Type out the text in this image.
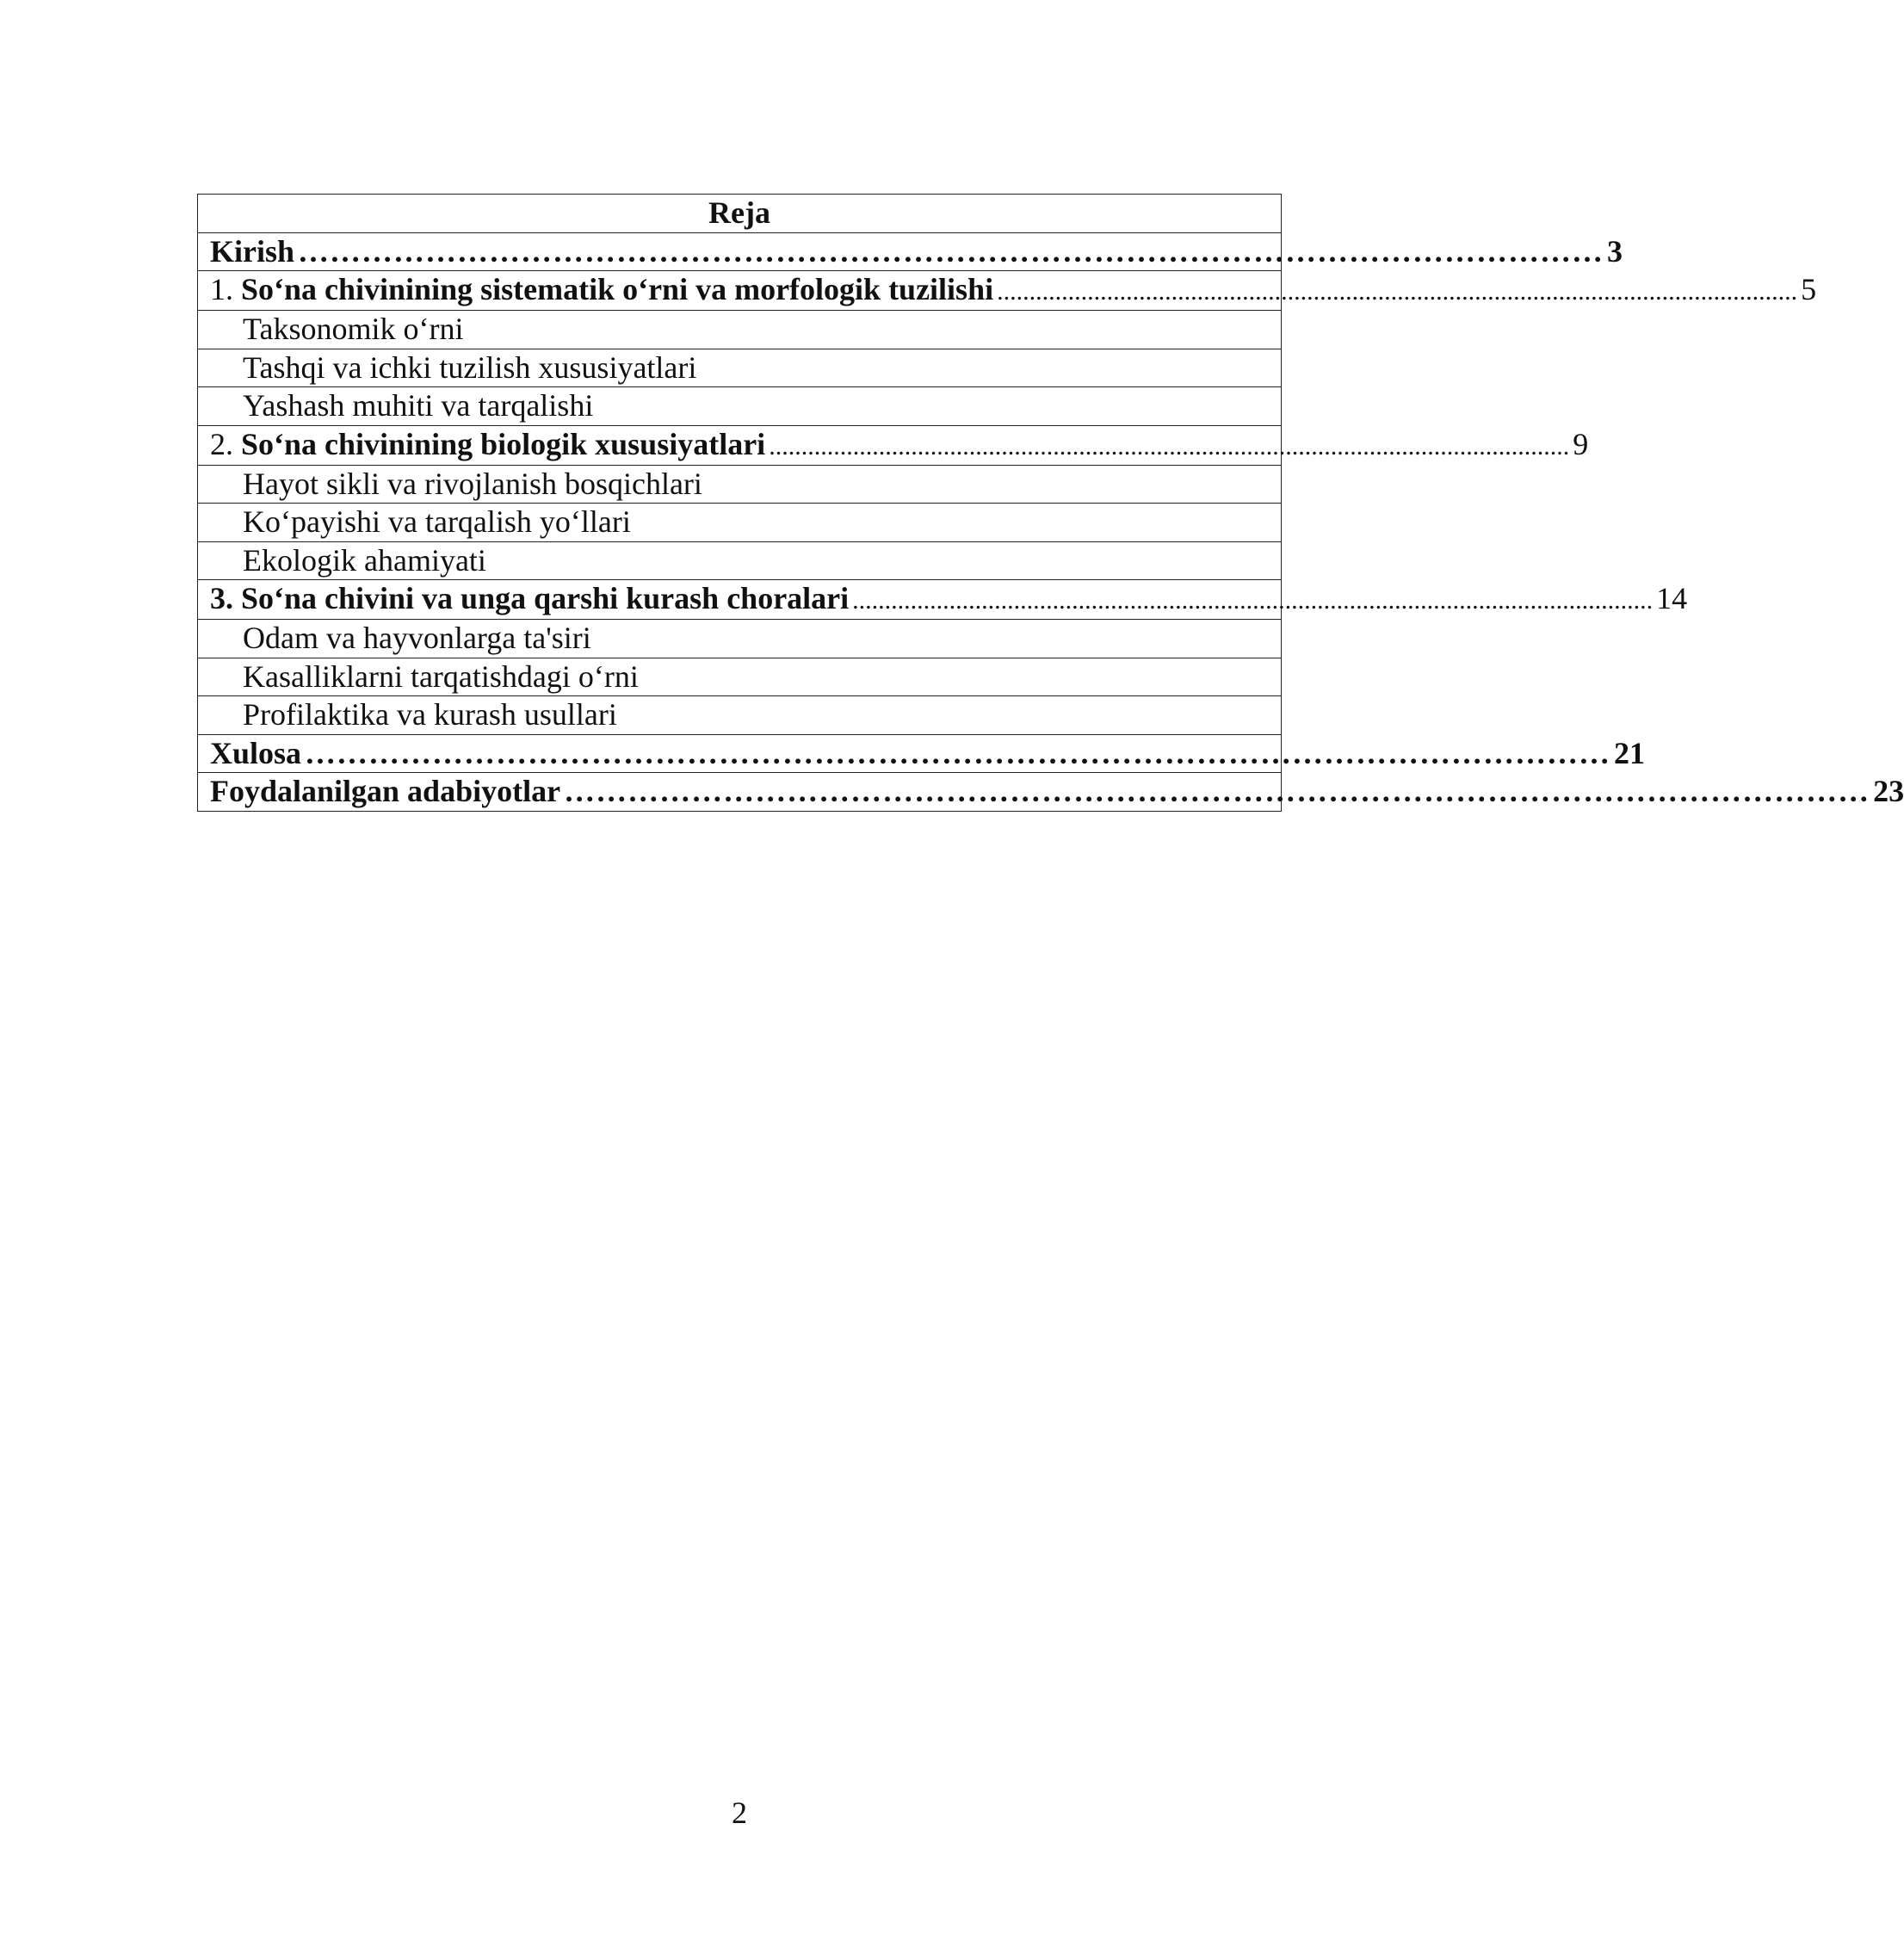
Reja

Kirish …………………………………………………………………………………………………………… 3

1. So‘na chivinining sistematik o‘rni va morfologik tuzilishi ............................................................................................................................ 5

Taksonomik o‘rni
Tashqi va ichki tuzilish xususiyatlari
Yashash muhiti va tarqalishi

2. So‘na chivinining biologik xususiyatlari ............................................................................................................................ 9

Hayot sikli va rivojlanish bosqichlari
Ko‘payishi va tarqalish yo‘llari
Ekologik ahamiyati

3. So‘na chivini va unga qarshi kurash choralari ............................................................................................................................ 14

Odam va hayvonlarga ta'siri
Kasalliklarni tarqatishdagi o‘rni
Profilaktika va kurash usullari

Xulosa …………………………………………………………………………………………………………… 21

Foydalanilgan adabiyotlar …………………………………………………………………………………………………………… 23
2
